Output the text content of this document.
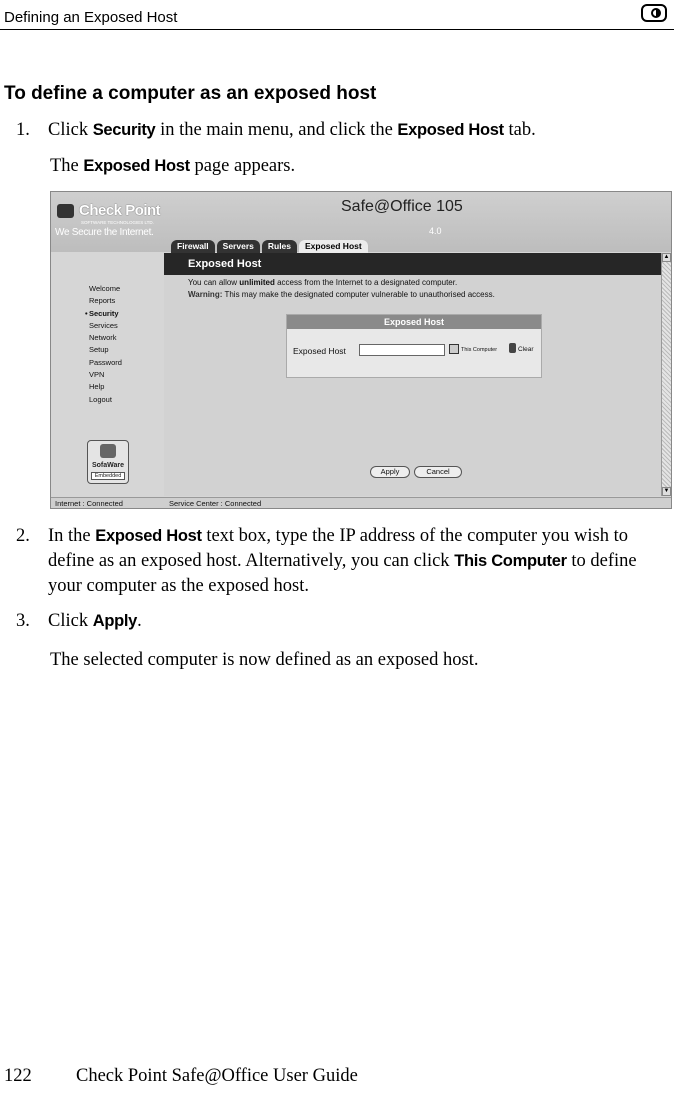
Defining an Exposed Host
To define a computer as an exposed host
1. Click Security in the main menu, and click the Exposed Host tab.
The Exposed Host page appears.
Check Point
SOFTWARE TECHNOLOGIES LTD.
We Secure the Internet.
Safe@Office 105
4.0
Firewall	Servers	Rules	Exposed Host
Welcome
Reports
• Security
Services
Network
Setup
Password
VPN
Help
Logout
SofaWare
Embedded
Exposed Host
You can allow unlimited access from the Internet to a designated computer.
Warning: This may make the designated computer vulnerable to unauthorised access.
Exposed Host
Exposed Host	This Computer	Clear
Apply	Cancel
▲
▼
Internet : Connected	Service Center : Connected
2. In the Exposed Host text box, type the IP address of the computer you wish to define as an exposed host. Alternatively, you can click This Computer to define your computer as the exposed host.
3. Click Apply.
The selected computer is now defined as an exposed host.
122 Check Point Safe@Office User Guide
